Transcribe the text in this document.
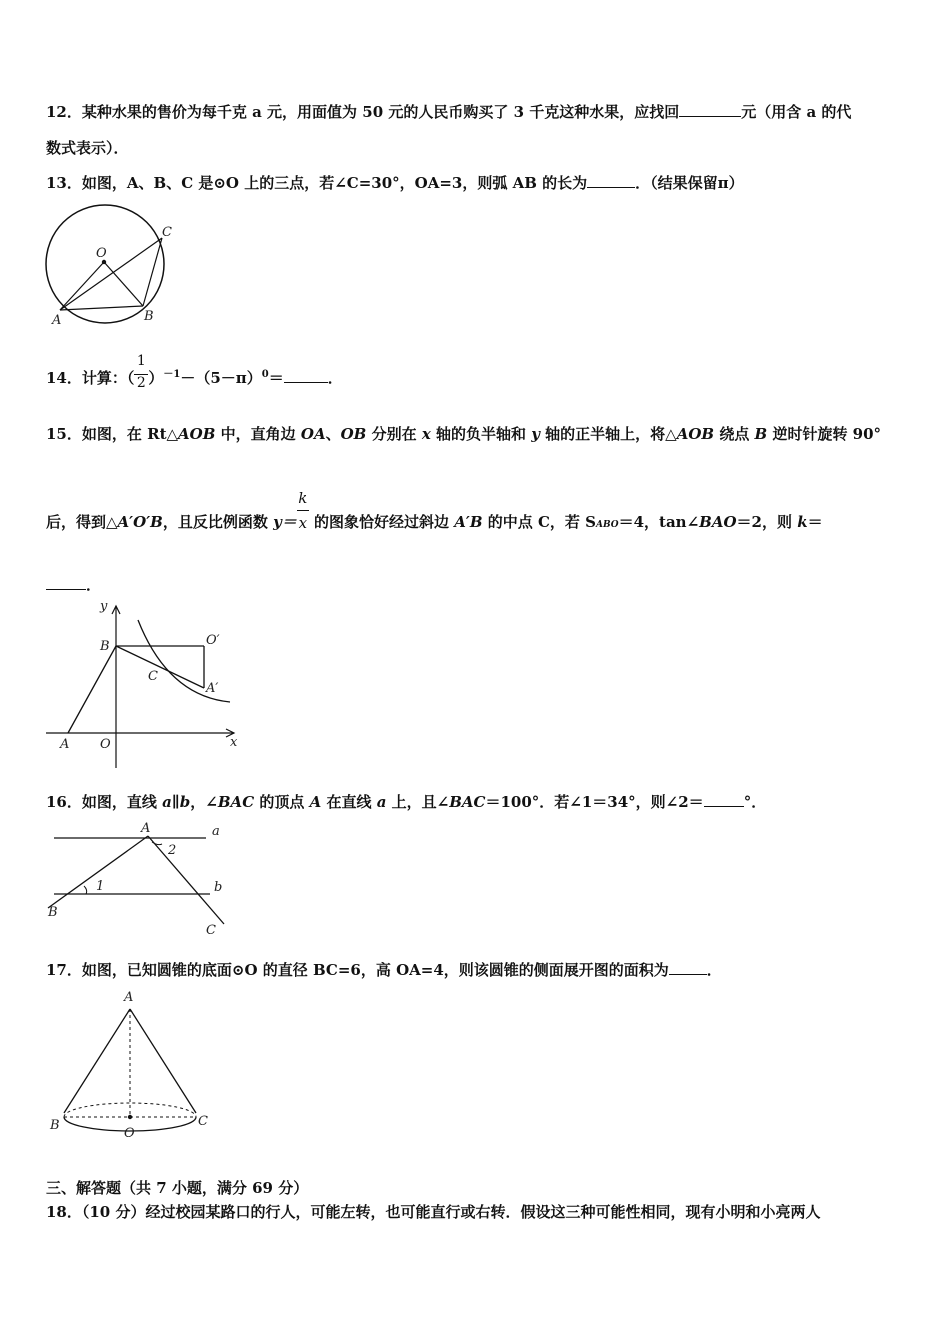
12．某种水果的售价为每千克 a 元，用面值为 50 元的人民币购买了 3 千克这种水果，应找回	元（用含 a 的代
数式表示）．
13．如图，A、B、C 是⊙O 上的三点，若∠C=30°，OA=3，则弧 AB 的长为	．（结果保留π）
O
A	B
C
14．计算：（ $\frac{1}{2} )^{-1}-(5-\pi)^0=$	．
15．如图，在 Rt△AOB 中，直角边 OA、OB 分别在 x 轴的负半轴和 y 轴的正半轴上，将△AOB 绕点 B 逆时针旋转 90°
后，得到△A′O′B，且反比例函数 $y= \frac{k}{x}$ 的图象恰好经过斜边 A′B 的中点 C，若 SABO＝4，tan∠BAO＝2，则 k＝
．
y
x
B	O′
C
A′
A O
16．如图，直线 a∥b，∠BAC 的顶点 A 在直线 a 上，且∠BAC＝100°．若∠1＝34°，则∠2＝	°．
A	a
2
1	b
B
C
17．如图，已知圆锥的底面⊙O 的直径 BC=6，高 OA=4，则该圆锥的侧面展开图的面积为	．
A
B
O
C
三、解答题（共 7 小题，满分 69 分）
18．（10 分）经过校园某路口的行人，可能左转，也可能直行或右转．假设这三种可能性相同，现有小明和小亮两人
